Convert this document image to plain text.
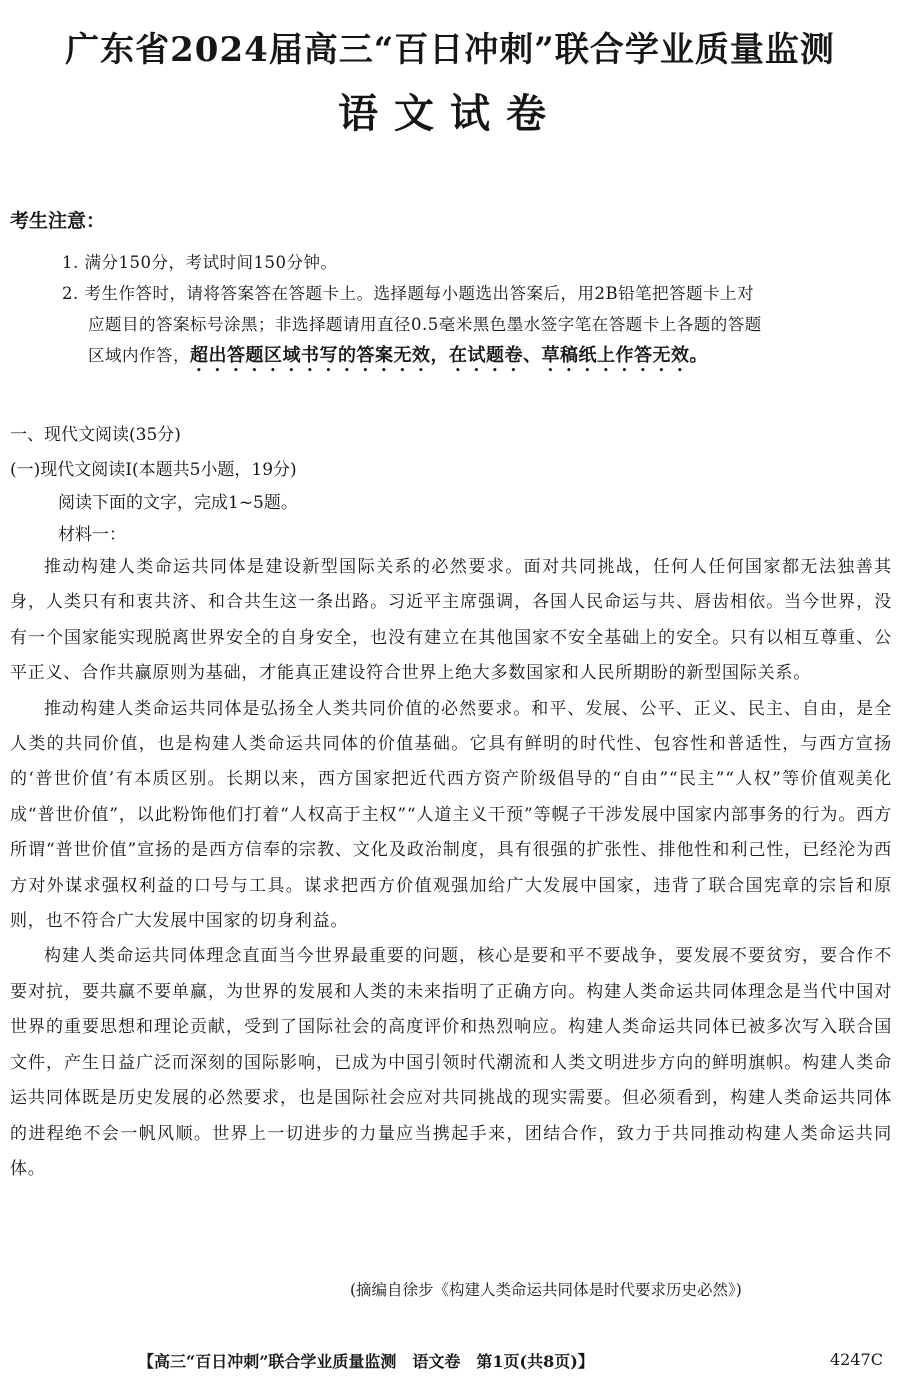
广东省2024届高三“百日冲刺”联合学业质量监测
语文试卷
考生注意：
1. 满分150分，考试时间150分钟。
2. 考生作答时，请将答案答在答题卡上。选择题每小题选出答案后，用2B铅笔把答题卡上对
应题目的答案标号涂黑；非选择题请用直径0.5毫米黑色墨水签字笔在答题卡上各题的答题
区域内作答，超出答题区域书写的答案无效，在试题卷、草稿纸上作答无效。
一、现代文阅读(35分)
(一)现代文阅读Ⅰ(本题共5小题，19分)
阅读下面的文字，完成1~5题。
材料一：

推动构建人类命运共同体是建设新型国际关系的必然要求。面对共同挑战，任何人任何国家都无法独善其身，人类只有和衷共济、和合共生这一条出路。习近平主席强调，各国人民命运与共、唇齿相依。当今世界，没有一个国家能实现脱离世界安全的自身安全，也没有建立在其他国家不安全基础上的安全。只有以相互尊重、公平正义、合作共赢原则为基础，才能真正建设符合世界上绝大多数国家和人民所期盼的新型国际关系。

推动构建人类命运共同体是弘扬全人类共同价值的必然要求。和平、发展、公平、正义、民主、自由，是全人类的共同价值，也是构建人类命运共同体的价值基础。它具有鲜明的时代性、包容性和普适性，与西方宣扬的‘普世价值’有本质区别。长期以来，西方国家把近代西方资产阶级倡导的“自由”“民主”“人权”等价值观美化成“普世价值”，以此粉饰他们打着“人权高于主权”“人道主义干预”等幌子干涉发展中国家内部事务的行为。西方所谓“普世价值”宣扬的是西方信奉的宗教、文化及政治制度，具有很强的扩张性、排他性和利己性，已经沦为西方对外谋求强权利益的口号与工具。谋求把西方价值观强加给广大发展中国家，违背了联合国宪章的宗旨和原则，也不符合广大发展中国家的切身利益。

构建人类命运共同体理念直面当今世界最重要的问题，核心是要和平不要战争，要发展不要贫穷，要合作不要对抗，要共赢不要单赢，为世界的发展和人类的未来指明了正确方向。构建人类命运共同体理念是当代中国对世界的重要思想和理论贡献，受到了国际社会的高度评价和热烈响应。构建人类命运共同体已被多次写入联合国文件，产生日益广泛而深刻的国际影响，已成为中国引领时代潮流和人类文明进步方向的鲜明旗帜。构建人类命运共同体既是历史发展的必然要求，也是国际社会应对共同挑战的现实需要。但必须看到，构建人类命运共同体的进程绝不会一帆风顺。世界上一切进步的力量应当携起手来，团结合作，致力于共同推动构建人类命运共同体。

(摘编自徐步《构建人类命运共同体是时代要求历史必然》)
【高三“百日冲刺”联合学业质量监测　语文卷　第1页(共8页)】	4247C
